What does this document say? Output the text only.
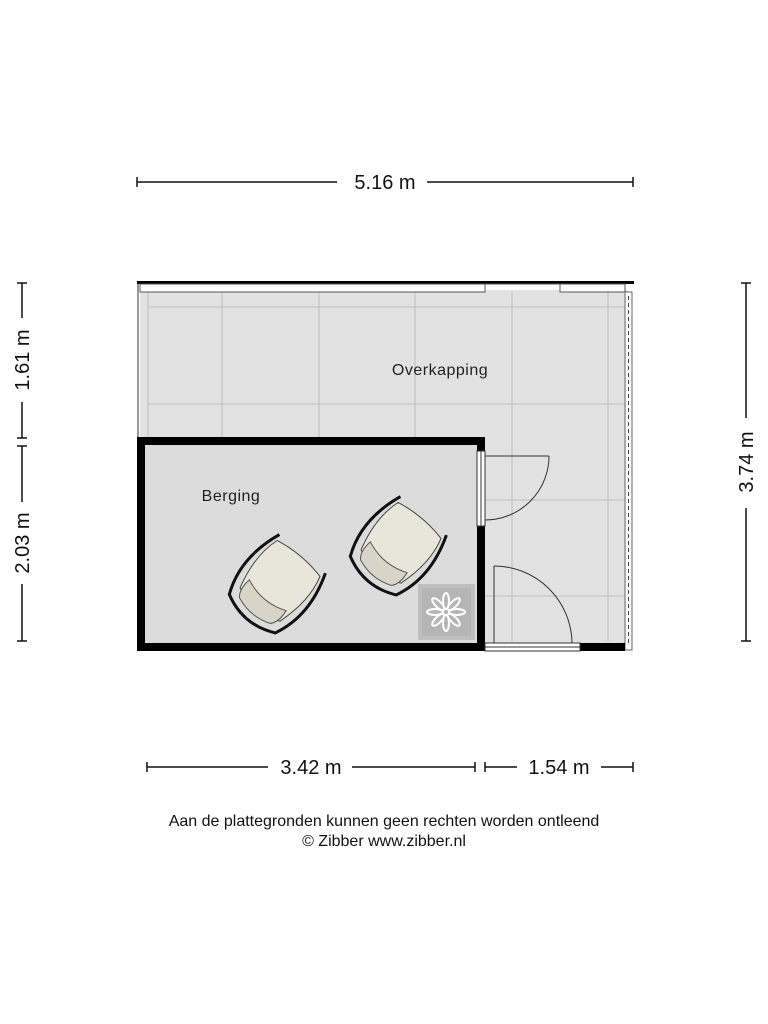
5.16 m
1.61 m
2.03 m
3.74 m
3.42 m	1.54 m
Overkapping
Berging
Aan de plattegronden kunnen geen rechten worden ontleend
© Zibber www.zibber.nl
